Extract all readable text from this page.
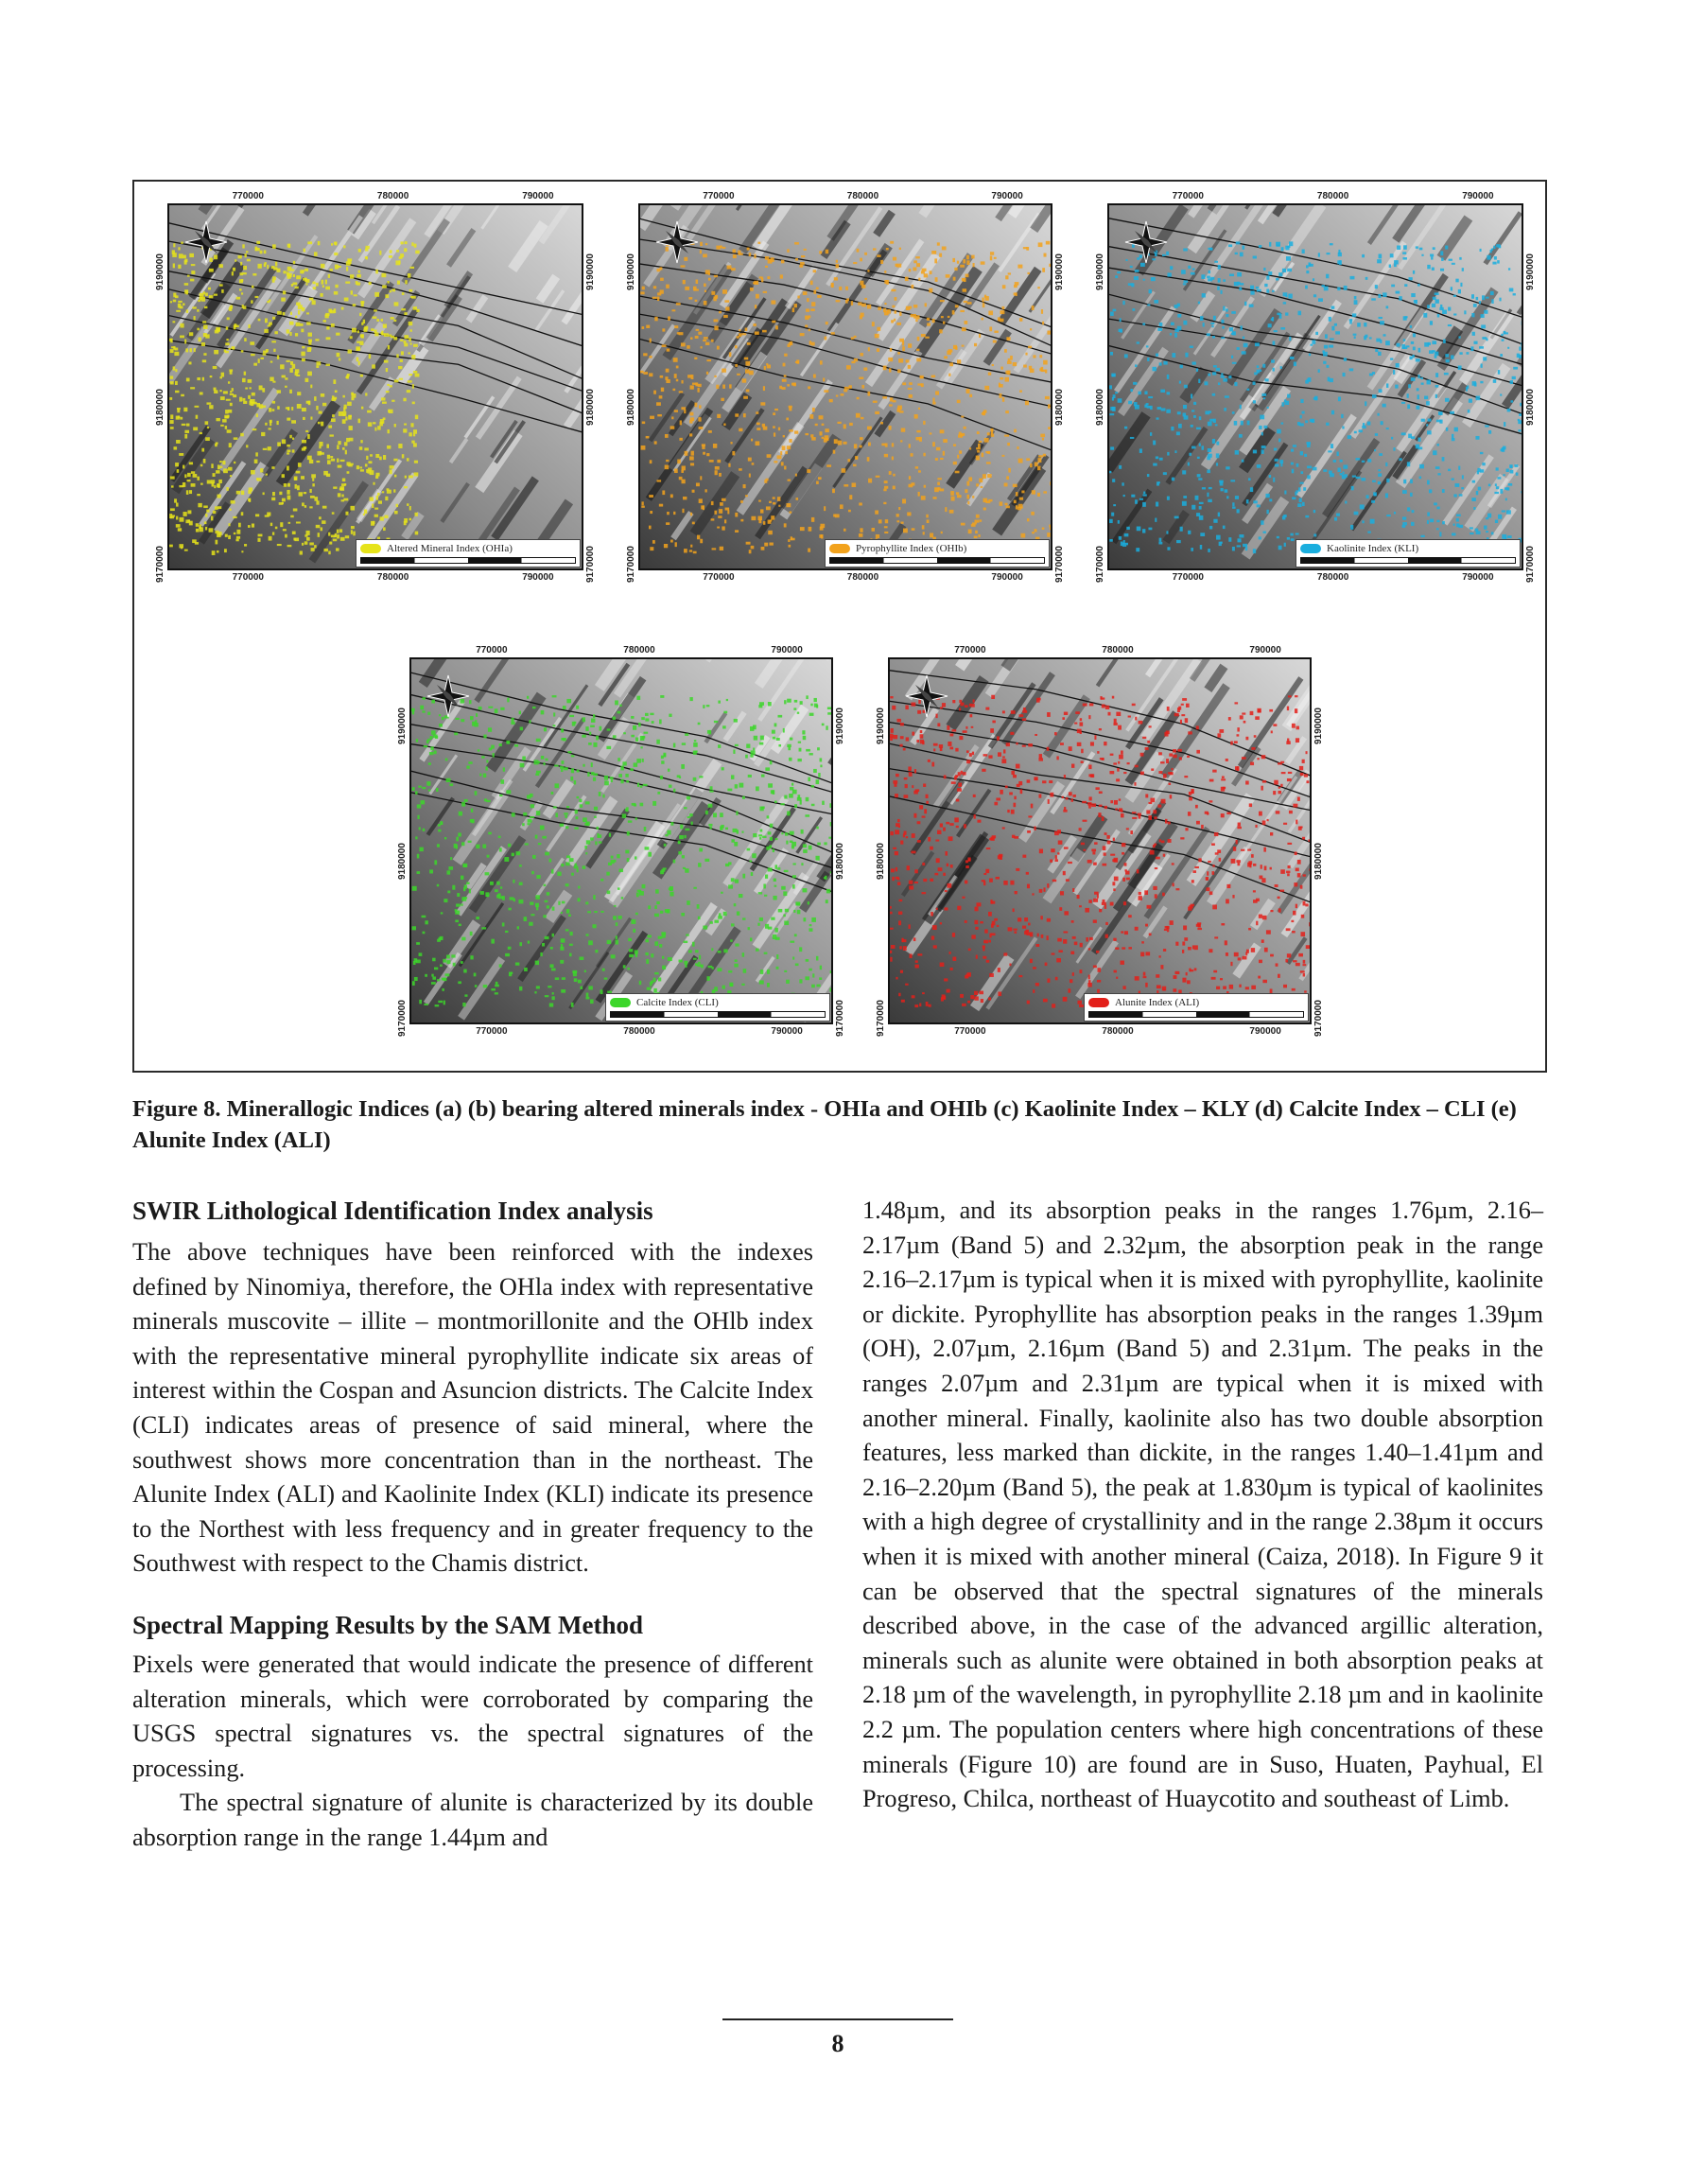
770000
770000
780000
780000
790000
790000
9190000	9190000
9180000	9180000
9170000	9170000
Altered Mineral Index (OHIa)
770000
770000
780000
780000
790000
790000
9190000	9190000
9180000	9180000
9170000	9170000
Pyrophyllite Index (OHIb)
770000
770000
780000
780000
790000
790000
9190000	9190000
9180000	9180000
9170000	9170000
Kaolinite Index (KLI)
770000
770000
780000
780000
790000
790000
9190000	9190000
9180000	9180000
9170000	9170000
Calcite Index (CLI)
770000
770000
780000
780000
790000
790000
9190000	9190000
9180000	9180000
9170000	9170000
Alunite Index (ALI)
Figure 8. Minerallogic Indices (a) (b) bearing altered minerals index - OHIa and OHIb (c) Kaolinite Index – KLY (d) Calcite Index – CLI (e) Alunite Index (ALI)
SWIR Lithological Identification Index analysis

The above techniques have been reinforced with the indexes defined by Ninomiya, therefore, the OHla index with representative minerals muscovite – illite – montmorillonite and the OHlb index with the representative mineral pyrophyllite indicate six areas of interest within the Cospan and Asuncion districts. The Calcite Index (CLI) indicates areas of presence of said mineral, where the southwest shows more concentration than in the northeast. The Alunite Index (ALI) and Kaolinite Index (KLI) indicate its presence to the Northest with less frequency and in greater frequency to the Southwest with respect to the Chamis district.

Spectral Mapping Results by the SAM Method

Pixels were generated that would indicate the presence of different alteration minerals, which were corroborated by comparing the USGS spectral signatures vs. the spectral signatures of the processing.

The spectral signature of alunite is characterized by its double absorption range in the range 1.44µm and

1.48µm, and its absorption peaks in the ranges 1.76µm, 2.16–2.17µm (Band 5) and 2.32µm, the absorption peak in the range 2.16–2.17µm is typical when it is mixed with pyrophyllite, kaolinite or dickite. Pyrophyllite has absorption peaks in the ranges 1.39µm (OH), 2.07µm, 2.16µm (Band 5) and 2.31µm. The peaks in the ranges 2.07µm and 2.31µm are typical when it is mixed with another mineral. Finally, kaolinite also has two double absorption features, less marked than dickite, in the ranges 1.40–1.41µm and 2.16–2.20µm (Band 5), the peak at 1.830µm is typical of kaolinites with a high degree of crystallinity and in the range 2.38µm it occurs when it is mixed with another mineral (Caiza, 2018). In Figure 9 it can be observed that the spectral signatures of the minerals described above, in the case of the advanced argillic alteration, minerals such as alunite were obtained in both absorption peaks at 2.18 µm of the wavelength, in pyrophyllite 2.18 µm and in kaolinite 2.2 µm. The population centers where high concentrations of these minerals (Figure 10) are found are in Suso, Huaten, Payhual, El Progreso, Chilca, northeast of Huaycotito and southeast of Limb.

8
